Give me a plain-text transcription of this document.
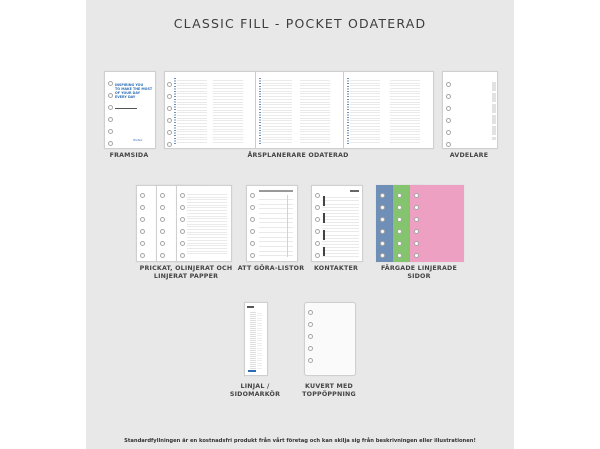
CLASSIC FILL - POCKET ODATERAD
INSPIRING YOU
TO MAKE THE MOST
OF YOUR DAY
EVERY DAY
filofax
FRAMSIDA	ÅRSPLANERARE ODATERAD	AVDELARE
PRICKAT, OLINJERAT OCH
LINJERAT PAPPER
ATT GÖRA-LISTOR	KONTAKTER	FÄRGADE LINJERADE
SIDOR
LINJAL /
SIDOMARKÖR
KUVERT MED
TOPPÖPPNING
Standardfyllningen är en kostnadsfri produkt från vårt företag och kan skilja sig från beskrivningen eller illustrationen!
